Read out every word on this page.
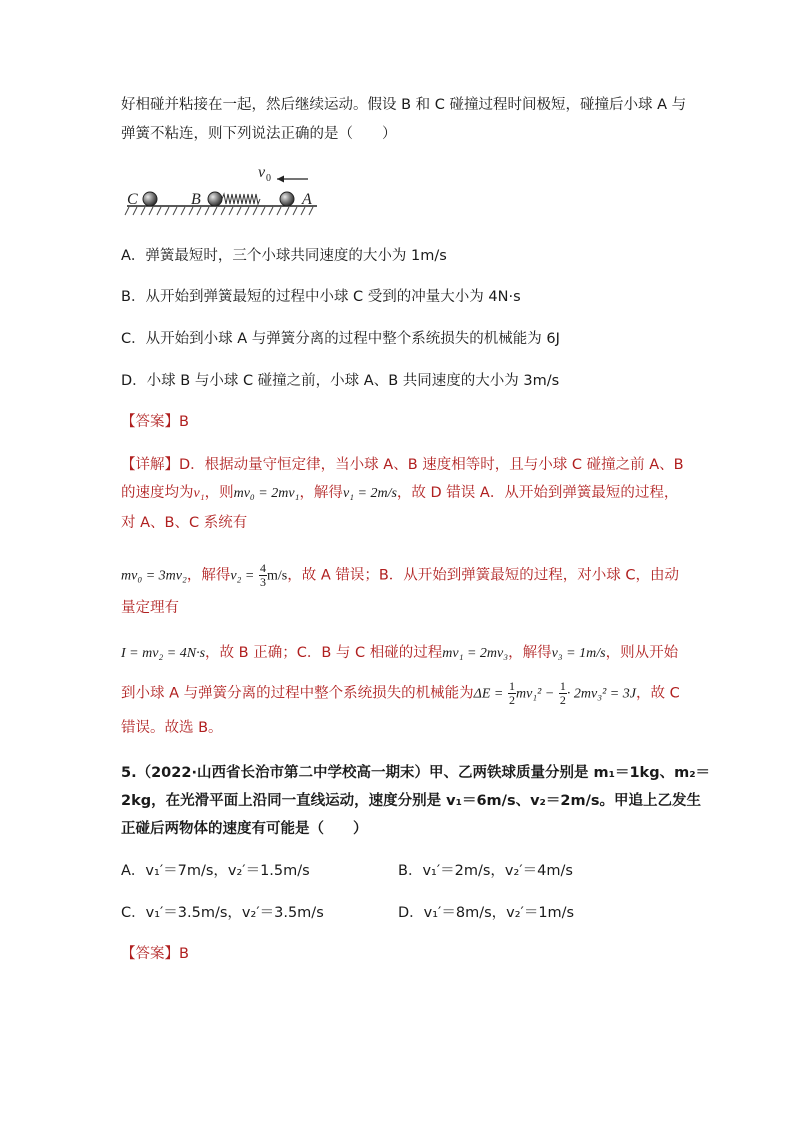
好相碰并粘接在一起，然后继续运动。假设 B 和 C 碰撞过程时间极短，碰撞后小球 A 与
弹簧不粘连，则下列说法正确的是（　　）
C	B	A
v 0
A．弹簧最短时，三个小球共同速度的大小为 1m/s
B．从开始到弹簧最短的过程中小球 C 受到的冲量大小为 4N·s
C．从开始到小球 A 与弹簧分离的过程中整个系统损失的机械能为 6J
D．小球 B 与小球 C 碰撞之前，小球 A、B 共同速度的大小为 3m/s
【答案】B
【详解】D．根据动量守恒定律，当小球 A、B 速度相等时，且与小球 C 碰撞之前 A、B
的速度均为v₁，则mv₀ = 2mv₁，解得v₁ = 2m/s，故 D 错误 A．从开始到弹簧最短的过程，
对 A、B、C 系统有
mv₀ = 3mv₂，解得$v_2 = \frac{4}{3} m/s$，故 A 错误；B．从开始到弹簧最短的过程，对小球 C，由动
量定理有
I = mv₂ = 4N·s，故 B 正确；C．B 与 C 相碰的过程mv₁ = 2mv₃，解得v₃ = 1m/s，则从开始
到小球 A 与弹簧分离的过程中整个系统损失的机械能为$\Delta E = \frac{1}{2} mv_1^2 - \frac{1}{2} \cdot 2mv_3^2 = 3J$，故 C
错误。故选 B。
5.（2022·山西省长治市第二中学校高一期末）甲、乙两铁球质量分别是 m₁＝1kg、m₂＝
2kg，在光滑平面上沿同一直线运动，速度分别是 v₁＝6m/s、v₂＝2m/s。甲追上乙发生
正碰后两物体的速度有可能是（　　）
A．v₁′＝7m/s，v₂′＝1.5m/s	B．v₁′＝2m/s，v₂′＝4m/s
C．v₁′＝3.5m/s，v₂′＝3.5m/s	D．v₁′＝8m/s，v₂′＝1m/s
【答案】B
